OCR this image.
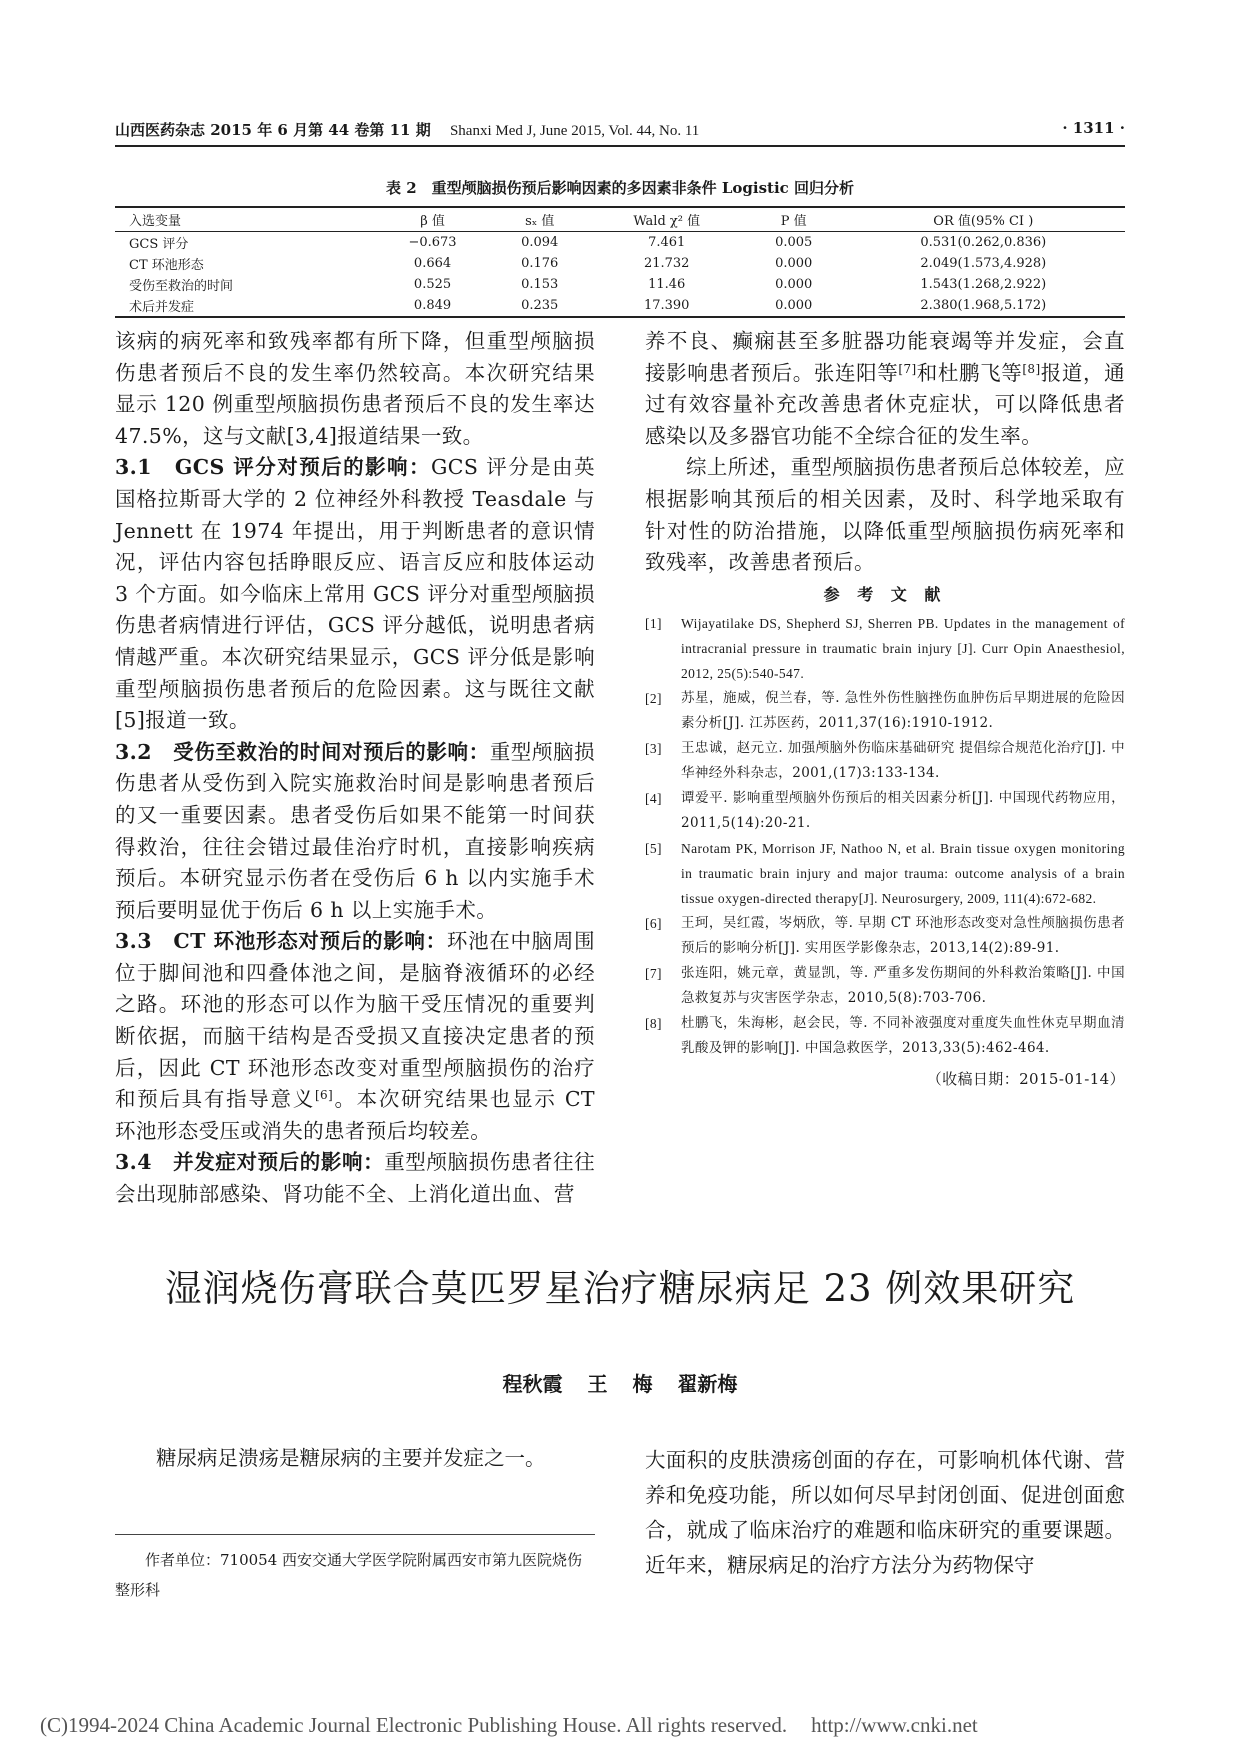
山西医药杂志 2015 年 6 月第 44 卷第 11 期 Shanxi Med J, June 2015, Vol. 44, No. 11	· 1311 ·
表 2　重型颅脑损伤预后影响因素的多因素非条件 Logistic 回归分析
入选变量	β 值	sₓ 值	Wald χ² 值	P 值	OR 值(95% CI )
GCS 评分	−0.673	0.094	7.461	0.005	0.531(0.262,0.836)
CT 环池形态	0.664	0.176	21.732	0.000	2.049(1.573,4.928)
受伤至救治的时间	0.525	0.153	11.46	0.000	1.543(1.268,2.922)
术后并发症	0.849	0.235	17.390	0.000	2.380(1.968,5.172)

该病的病死率和致残率都有所下降，但重型颅脑损伤患者预后不良的发生率仍然较高。本次研究结果显示 120 例重型颅脑损伤患者预后不良的发生率达 47.5%，这与文献[3,4]报道结果一致。

3.1　GCS 评分对预后的影响：GCS 评分是由英国格拉斯哥大学的 2 位神经外科教授 Teasdale 与 Jennett 在 1974 年提出，用于判断患者的意识情况，评估内容包括睁眼反应、语言反应和肢体运动 3 个方面。如今临床上常用 GCS 评分对重型颅脑损伤患者病情进行评估，GCS 评分越低，说明患者病情越严重。本次研究结果显示，GCS 评分低是影响重型颅脑损伤患者预后的危险因素。这与既往文献[5]报道一致。

3.2　受伤至救治的时间对预后的影响：重型颅脑损伤患者从受伤到入院实施救治时间是影响患者预后的又一重要因素。患者受伤后如果不能第一时间获得救治，往往会错过最佳治疗时机，直接影响疾病预后。本研究显示伤者在受伤后 6 h 以内实施手术预后要明显优于伤后 6 h 以上实施手术。

3.3　CT 环池形态对预后的影响：环池在中脑周围位于脚间池和四叠体池之间，是脑脊液循环的必经之路。环池的形态可以作为脑干受压情况的重要判断依据，而脑干结构是否受损又直接决定患者的预后，因此 CT 环池形态改变对重型颅脑损伤的治疗和预后具有指导意义[6]。本次研究结果也显示 CT 环池形态受压或消失的患者预后均较差。

3.4　并发症对预后的影响：重型颅脑损伤患者往往会出现肺部感染、肾功能不全、上消化道出血、营

养不良、癫痫甚至多脏器功能衰竭等并发症，会直接影响患者预后。张连阳等[7]和杜鹏飞等[8]报道，通过有效容量补充改善患者休克症状，可以降低患者感染以及多器官功能不全综合征的发生率。

综上所述，重型颅脑损伤患者预后总体较差，应根据影响其预后的相关因素，及时、科学地采取有针对性的防治措施，以降低重型颅脑损伤病死率和致残率，改善患者预后。

参 考 文 献
[1]	Wijayatilake DS, Shepherd SJ, Sherren PB. Updates in the management of intracranial pressure in traumatic brain injury [J]. Curr Opin Anaesthesiol, 2012, 25(5):540-547.
[2]	苏星，施威，倪兰春，等. 急性外伤性脑挫伤血肿伤后早期进展的危险因素分析[J]. 江苏医药，2011,37(16):1910-1912.
[3]	王忠诚，赵元立. 加强颅脑外伤临床基础研究 提倡综合规范化治疗[J]. 中华神经外科杂志，2001,(17)3:133-134.
[4]	谭爱平. 影响重型颅脑外伤预后的相关因素分析[J]. 中国现代药物应用，2011,5(14):20-21.
[5]	Narotam PK, Morrison JF, Nathoo N, et al. Brain tissue oxygen monitoring in traumatic brain injury and major trauma: outcome analysis of a brain tissue oxygen-directed therapy[J]. Neurosurgery, 2009, 111(4):672-682.
[6]	王珂，吴红霞，岑炳欣，等. 早期 CT 环池形态改变对急性颅脑损伤患者预后的影响分析[J]. 实用医学影像杂志，2013,14(2):89-91.
[7]	张连阳，姚元章，黄显凯，等. 严重多发伤期间的外科救治策略[J]. 中国急救复苏与灾害医学杂志，2010,5(8):703-706.
[8]	杜鹏飞，朱海彬，赵会民，等. 不同补液强度对重度失血性休克早期血清乳酸及钾的影响[J]. 中国急救医学，2013,33(5):462-464.
（收稿日期：2015-01-14）
湿润烧伤膏联合莫匹罗星治疗糖尿病足 23 例效果研究
程秋霞 王 梅 翟新梅
糖尿病足溃疡是糖尿病的主要并发症之一。
作者单位：710054 西安交通大学医学院附属西安市第九医院烧伤整形科
大面积的皮肤溃疡创面的存在，可影响机体代谢、营养和免疫功能，所以如何尽早封闭创面、促进创面愈合，就成了临床治疗的难题和临床研究的重要课题。近年来，糖尿病足的治疗方法分为药物保守
(C)1994-2024 China Academic Journal Electronic Publishing House. All rights reserved. http://www.cnki.net
